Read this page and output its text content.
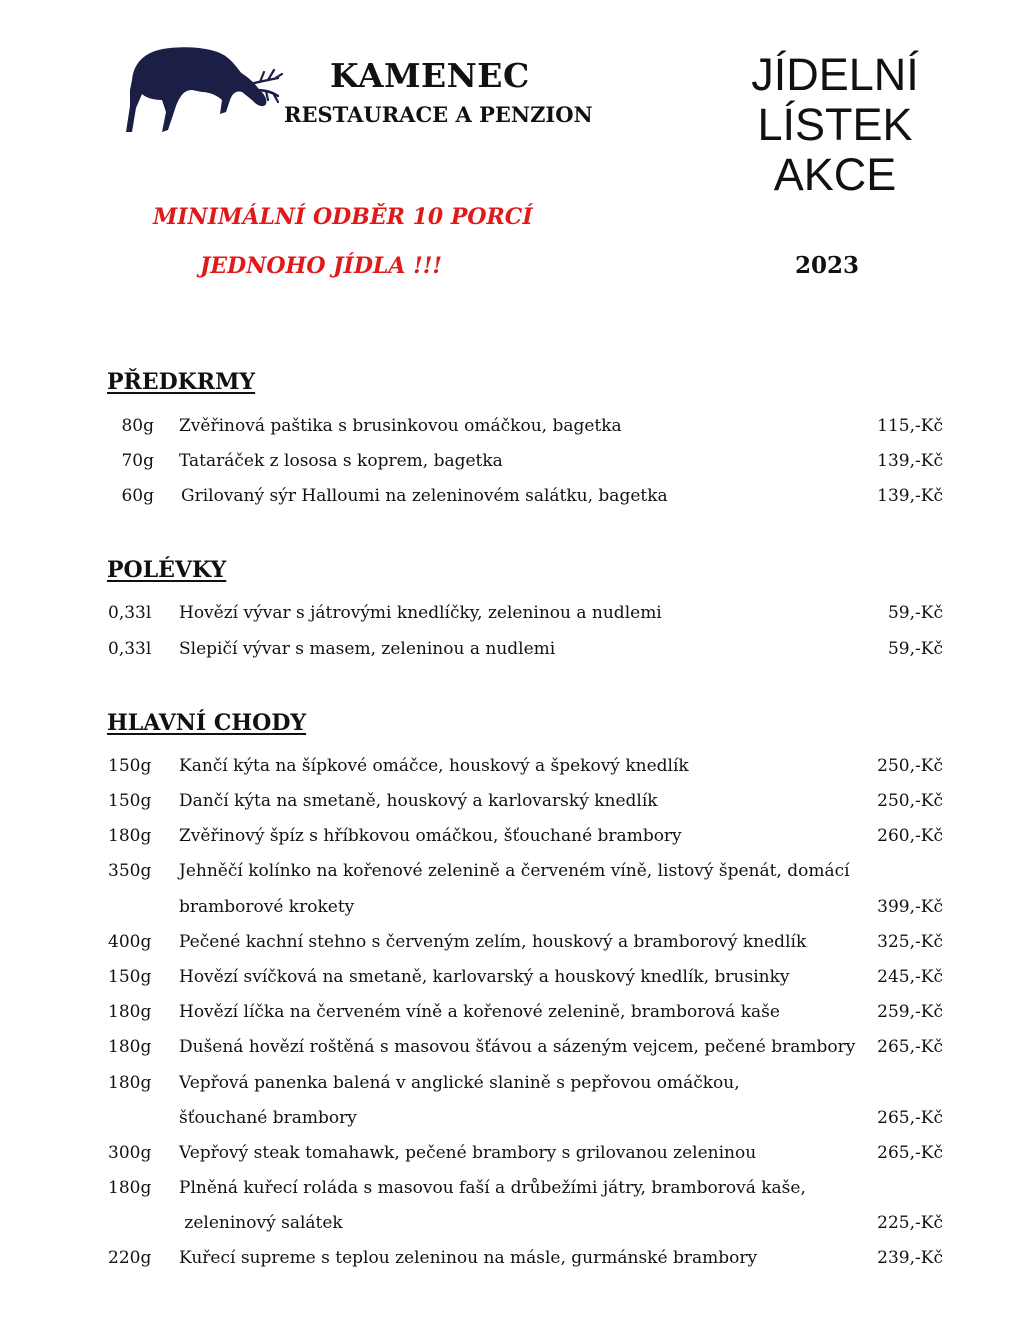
KAMENEC
RESTAURACE A PENZION
JÍDELNÍ
LÍSTEK
AKCE
2023
MINIMÁLNÍ ODBĚR 10 PORCÍ
JEDNOHO JÍDLA !!!
PŘEDKRMY
80g Zvěřinová paštika s brusinkovou omáčkou, bagetka	115,-Kč
70g Tataráček z lososa s koprem, bagetka	139,-Kč
60g Grilovaný sýr Halloumi na zeleninovém salátku, bagetka	139,-Kč
POLÉVKY
0,33l Hovězí vývar s játrovými knedlíčky, zeleninou a nudlemi	59,-Kč
0,33l Slepičí vývar s masem, zeleninou a nudlemi	59,-Kč
HLAVNÍ CHODY
150g Kančí kýta na šípkové omáčce, houskový a špekový knedlík	250,-Kč
150g Dančí kýta na smetaně, houskový a karlovarský knedlík	250,-Kč
180g Zvěřinový špíz s hříbkovou omáčkou, šťouchané brambory	260,-Kč
350g Jehněčí kolínko na kořenové zelenině a červeném víně, listový špenát, domácí
bramborové krokety	399,-Kč
400g Pečené kachní stehno s červeným zelím, houskový a bramborový knedlík	325,-Kč
150g Hovězí svíčková na smetaně, karlovarský a houskový knedlík, brusinky	245,-Kč
180g Hovězí líčka na červeném víně a kořenové zelenině, bramborová kaše	259,-Kč
180g Dušená hovězí roštěná s masovou šťávou a sázeným vejcem, pečené brambory 265,-Kč
180g Vepřová panenka balená v anglické slanině s pepřovou omáčkou,
šťouchané brambory	265,-Kč
300g Vepřový steak tomahawk, pečené brambory s grilovanou zeleninou	265,-Kč
180g Plněná kuřecí roláda s masovou faší a drůbežími játry, bramborová kaše,
zeleninový salátek	225,-Kč
220g Kuřecí supreme s teplou zeleninou na másle, gurmánské brambory	239,-Kč
